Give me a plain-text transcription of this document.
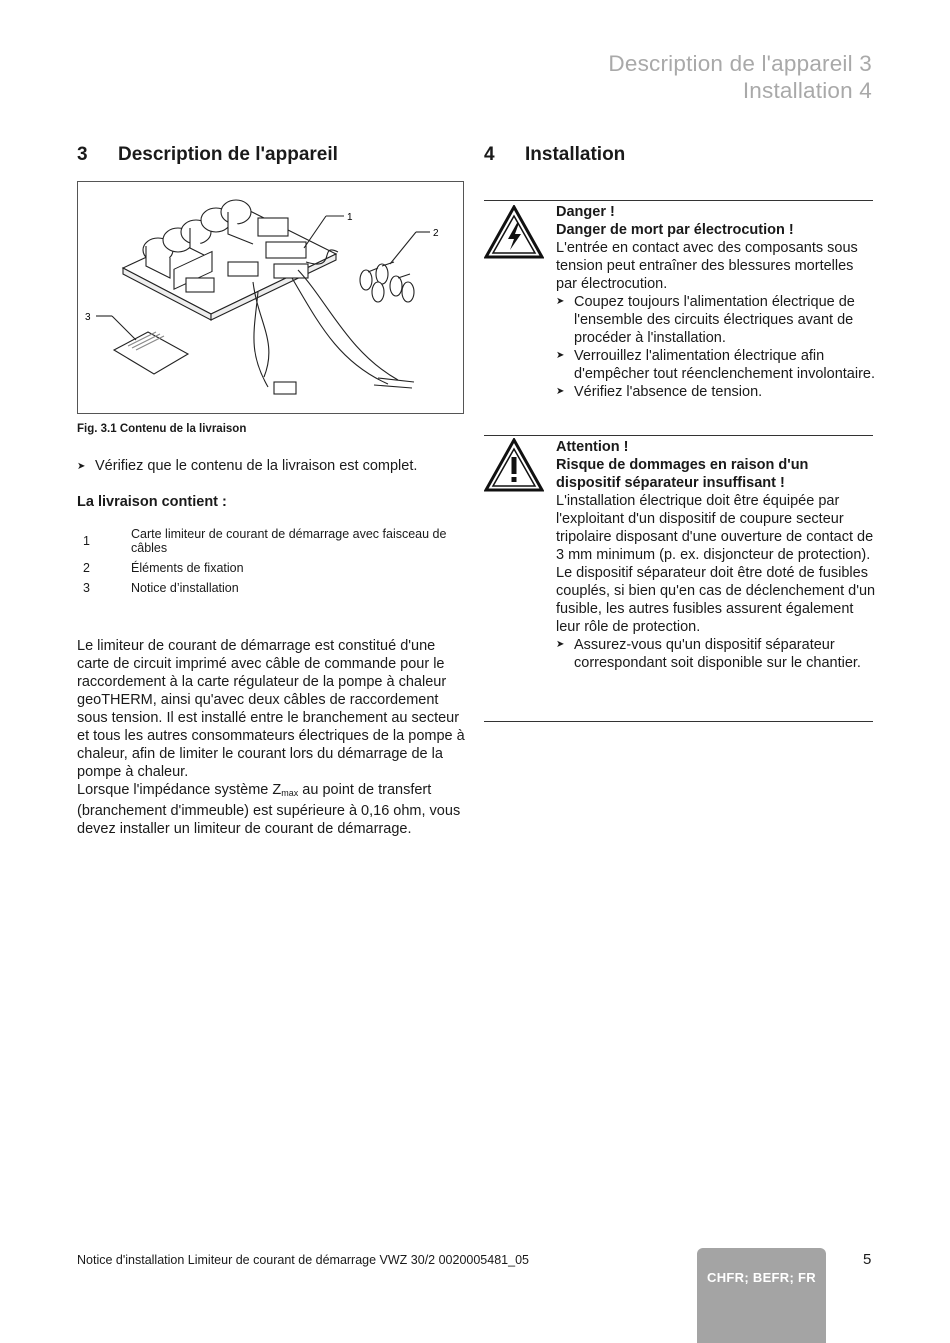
Description de l'appareil 3
Installation 4
3 Description de l'appareil
1
2
3
Fig. 3.1 Contenu de la livraison
➤ Vérifiez que le contenu de la livraison est complet.
La livraison contient :
1	Carte limiteur de courant de démarrage avec faisceau de câbles
2	Éléments de fixation
3	Notice d’installation

Le limiteur de courant de démarrage est constitué d'une carte de circuit imprimé avec câble de commande pour le raccordement à la carte régulateur de la pompe à chaleur geoTHERM, ainsi qu'avec deux câbles de raccordement sous tension. Il est installé entre le branchement au secteur et tous les autres consommateurs électriques de la pompe à chaleur, afin de limiter le courant lors du démarrage de la pompe à chaleur.

Lorsque l'impédance système $Z_{max}$ au point de transfert (branchement d'immeuble) est supérieure à 0,16 ohm, vous devez installer un limiteur de courant de démarrage.

4 Installation
Danger !
Danger de mort par électrocution !
L'entrée en contact avec des composants sous tension peut entraîner des blessures mortelles par électrocution.
➤ Coupez toujours l'alimentation électrique de l'ensemble des circuits électriques avant de procéder à l'installation.
➤ Verrouillez l'alimentation électrique afin d'empêcher tout réenclenchement involontaire.
➤ Vérifiez l'absence de tension.
Attention !
Risque de dommages en raison d'un dispositif séparateur insuffisant !
L'installation électrique doit être équipée par l'exploitant d'un dispositif de coupure secteur tripolaire disposant d'une ouverture de contact de 3 mm minimum (p. ex. disjoncteur de protection). Le dispositif séparateur doit être doté de fusibles couplés, si bien qu'en cas de déclenchement d'un fusible, les autres fusibles assurent également leur rôle de protection.
➤ Assurez-vous qu'un dispositif séparateur correspondant soit disponible sur le chantier.
Notice d'installation Limiteur de courant de démarrage VWZ 30/2 0020005481_05	5
CHFR; BEFR; FR
